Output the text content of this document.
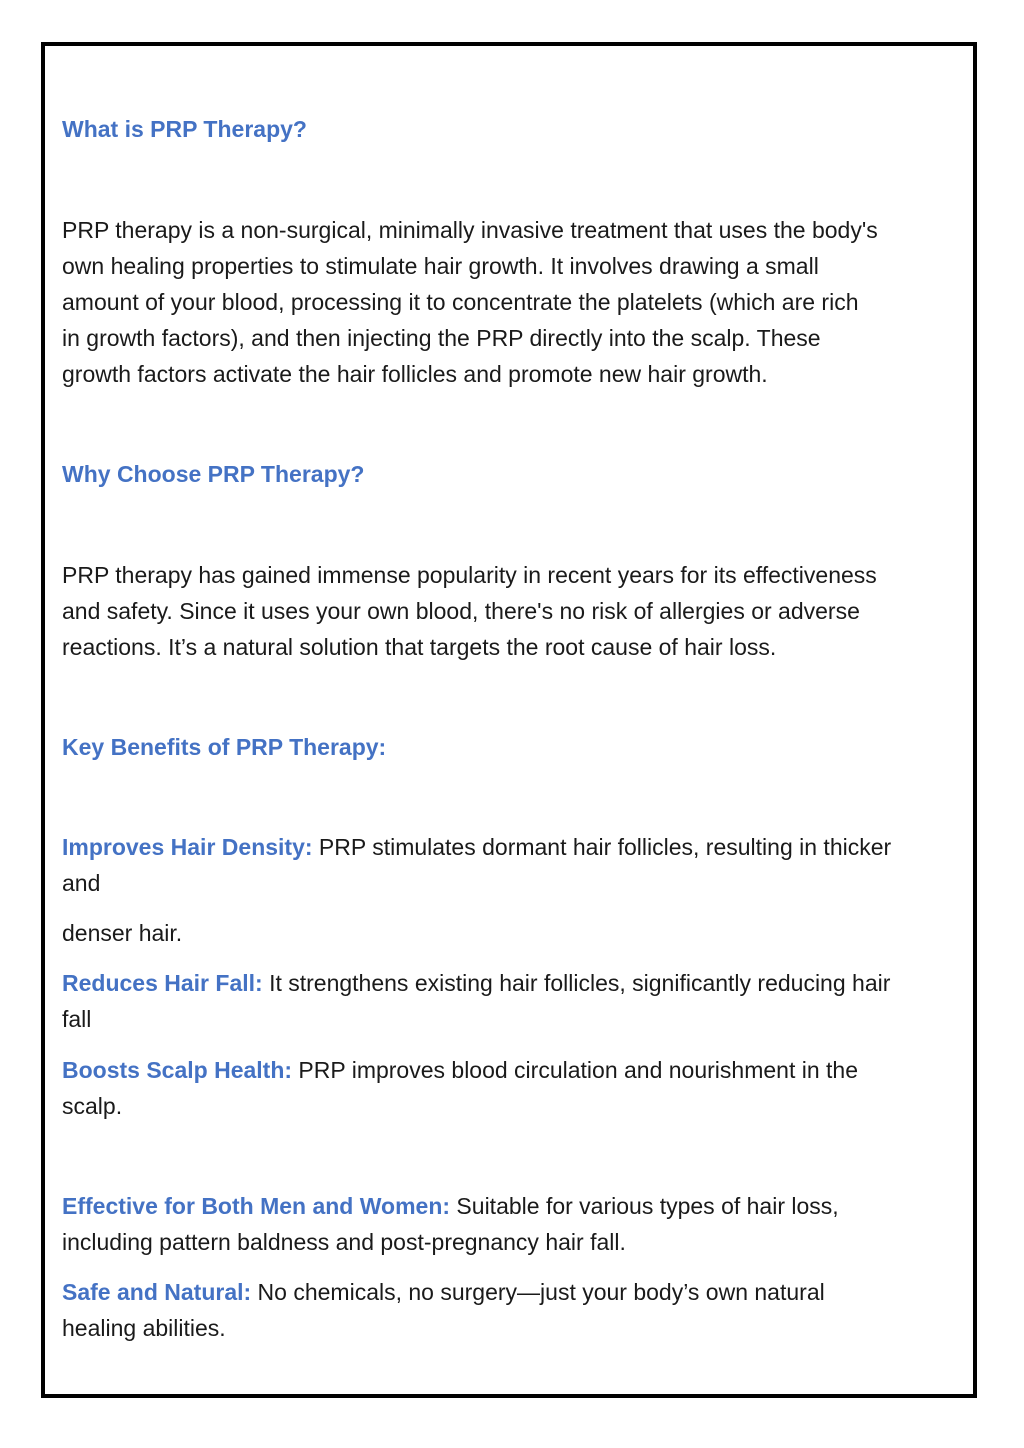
What is PRP Therapy?
PRP therapy is a non-surgical, minimally invasive treatment that uses the body's
own healing properties to stimulate hair growth. It involves drawing a small
amount of your blood, processing it to concentrate the platelets (which are rich
in growth factors), and then injecting the PRP directly into the scalp. These
growth factors activate the hair follicles and promote new hair growth.
Why Choose PRP Therapy?
PRP therapy has gained immense popularity in recent years for its effectiveness
and safety. Since it uses your own blood, there's no risk of allergies or adverse
reactions. It’s a natural solution that targets the root cause of hair loss.
Key Benefits of PRP Therapy:
Improves Hair Density: PRP stimulates dormant hair follicles, resulting in thicker
and
denser hair.
Reduces Hair Fall: It strengthens existing hair follicles, significantly reducing hair
fall
Boosts Scalp Health: PRP improves blood circulation and nourishment in the
scalp.
Effective for Both Men and Women: Suitable for various types of hair loss,
including pattern baldness and post-pregnancy hair fall.
Safe and Natural: No chemicals, no surgery—just your body’s own natural
healing abilities.
